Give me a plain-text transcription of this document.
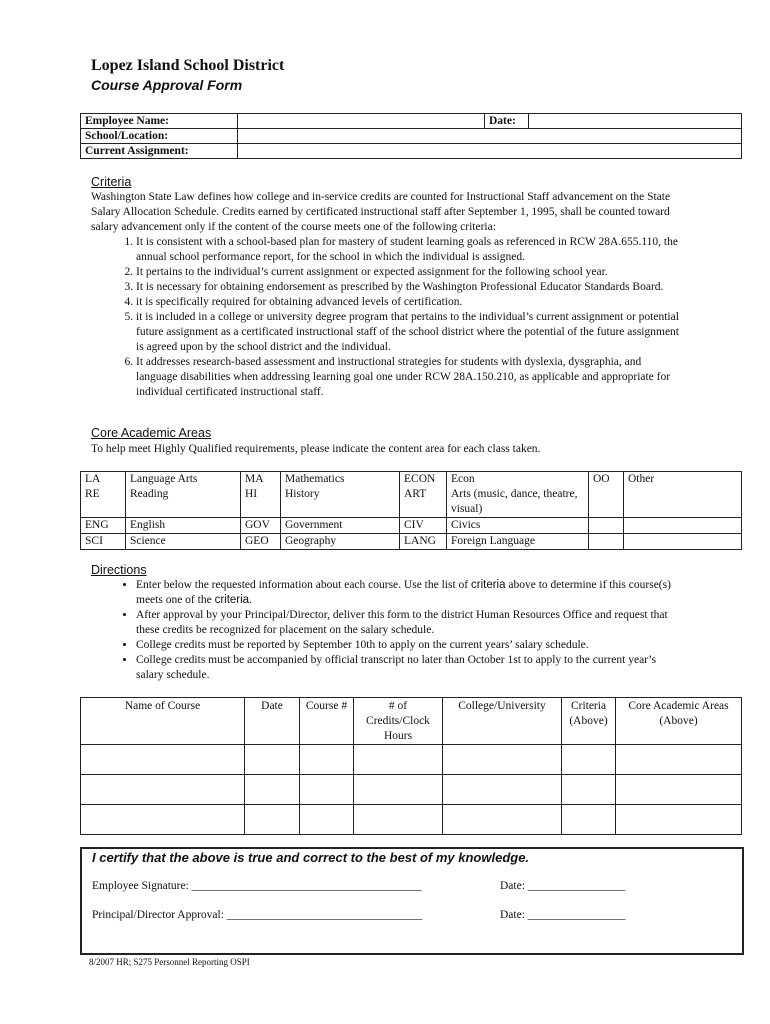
Lopez Island School District
Course Approval Form
Employee Name:		Date:	
School/Location:			
Current Assignment:			
Criteria
Washington State Law defines how college and in-service credits are counted for Instructional Staff advancement on the State Salary Allocation Schedule. Credits earned by certificated instructional staff after September 1, 1995, shall be counted toward salary advancement only if the content of the course meets one of the following criteria:
1. It is consistent with a school-based plan for mastery of student learning goals as referenced in RCW 28A.655.110, the annual school performance report, for the school in which the individual is assigned.
2. It pertains to the individual’s current assignment or expected assignment for the following school year.
3. It is necessary for obtaining endorsement as prescribed by the Washington Professional Educator Standards Board.
4. it is specifically required for obtaining advanced levels of certification.
5. it is included in a college or university degree program that pertains to the individual’s current assignment or potential future assignment as a certificated instructional staff of the school district where the potential of the future assignment is agreed upon by the school district and the individual.
6. It addresses research-based assessment and instructional strategies for students with dyslexia, dysgraphia, and language disabilities when addressing learning goal one under RCW 28A.150.210, as applicable and appropriate for individual certificated instructional staff.
Core Academic Areas
To help meet Highly Qualified requirements, please indicate the content area for each class taken.
LA	Language Arts	MA	Mathematics	ECON	Econ	OO	Other
RE	Reading	HI	History	ART	Arts (music, dance, theatre, visual)		
ENG	English	GOV	Government	CIV	Civics		
SCI	Science	GEO	Geography	LANG	Foreign Language		
Directions
• Enter below the requested information about each course. Use the list of criteria above to determine if this course(s) meets one of the criteria.
• After approval by your Principal/Director, deliver this form to the district Human Resources Office and request that these credits be recognized for placement on the salary schedule.
• College credits must be reported by September 10th to apply on the current years’ salary schedule.
• College credits must be accompanied by official transcript no later than October 1st to apply to the current year’s salary schedule.
Name of Course	Date	Course #	# of Credits/Clock Hours	College/University	Criteria (Above)	Core Academic Areas (Above)

I certify that the above is true and correct to the best of my knowledge.
Employee Signature: ________________________________________	Date: _________________
Principal/Director Approval: __________________________________	Date: _________________
8/2007 HR; S275 Personnel Reporting OSPI
